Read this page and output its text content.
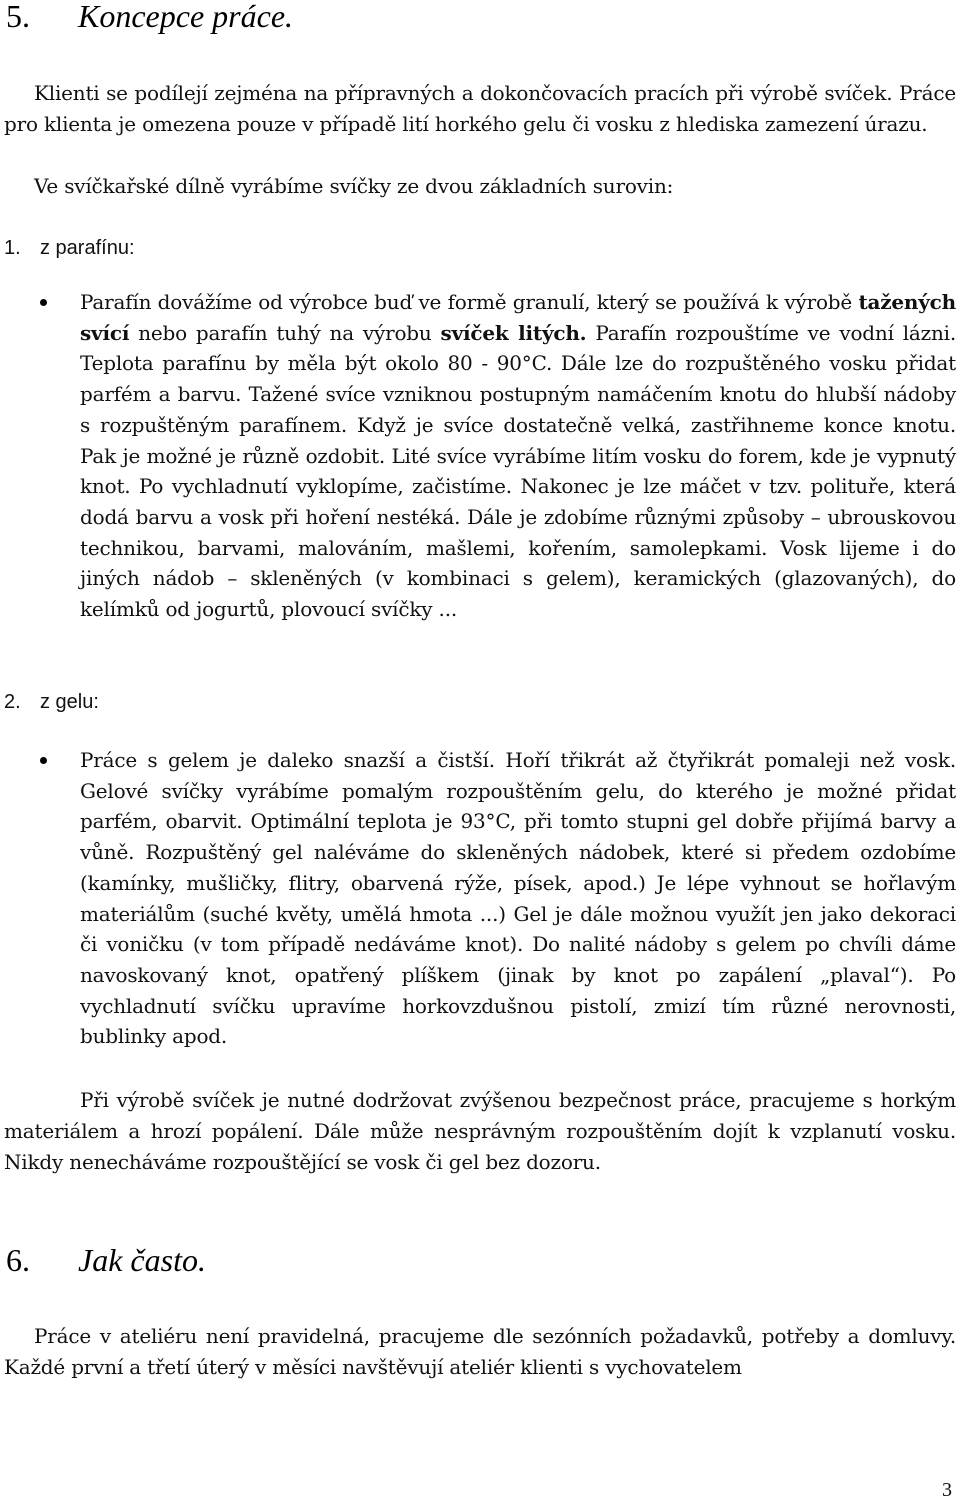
5. Koncepce práce.

Klienti se podílejí zejména na přípravných a dokončovacích pracích při výrobě svíček. Práce pro klienta je omezena pouze v případě lití horkého gelu či vosku z hlediska zamezení úrazu.

Ve svíčkařské dílně vyrábíme svíčky ze dvou základních surovin:

1. z parafínu:

Parafín dovážíme od výrobce buď ve formě granulí, který se používá k výrobě tažených svící nebo parafín tuhý na výrobu svíček litých. Parafín rozpouštíme ve vodní lázni. Teplota parafínu by měla být okolo 80 - 90°C. Dále lze do rozpuštěného vosku přidat parfém a barvu. Tažené svíce vzniknou postupným namáčením knotu do hlubší nádoby s rozpuštěným parafínem. Když je svíce dostatečně velká, zastřihneme konce knotu. Pak je možné je různě ozdobit. Lité svíce vyrábíme litím vosku do forem, kde je vypnutý knot. Po vychladnutí vyklopíme, začistíme. Nakonec je lze máčet v tzv. polituře, která dodá barvu a vosk při hoření nestéká. Dále je zdobíme různými způsoby – ubrouskovou technikou, barvami, malováním, mašlemi, kořením, samolepkami. Vosk lijeme i do jiných nádob – skleněných (v kombinaci s gelem), keramických (glazovaných), do kelímků od jogurtů, plovoucí svíčky ...

2. z gelu:

Práce s gelem je daleko snazší a čistší. Hoří třikrát až čtyřikrát pomaleji než vosk. Gelové svíčky vyrábíme pomalým rozpouštěním gelu, do kterého je možné přidat parfém, obarvit. Optimální teplota je 93°C, při tomto stupni gel dobře přijímá barvy a vůně. Rozpuštěný gel naléváme do skleněných nádobek, které si předem ozdobíme (kamínky, mušličky, flitry, obarvená rýže, písek, apod.) Je lépe vyhnout se hořlavým materiálům (suché květy, umělá hmota ...) Gel je dále možnou využít jen jako dekoraci či voničku (v tom případě nedáváme knot). Do nalité nádoby s gelem po chvíli dáme navoskovaný knot, opatřený plíškem (jinak by knot po zapálení „plaval“). Po vychladnutí svíčku upravíme horkovzdušnou pistolí, zmizí tím různé nerovnosti, bublinky apod.

Při výrobě svíček je nutné dodržovat zvýšenou bezpečnost práce, pracujeme s horkým materiálem a hrozí popálení. Dále může nesprávným rozpouštěním dojít k vzplanutí vosku. Nikdy nenecháváme rozpouštějící se vosk či gel bez dozoru.

6. Jak často.

Práce v ateliéru není pravidelná, pracujeme dle sezónních požadavků, potřeby a domluvy. Každé první a třetí úterý v měsíci navštěvují ateliér klienti s vychovatelem

3
